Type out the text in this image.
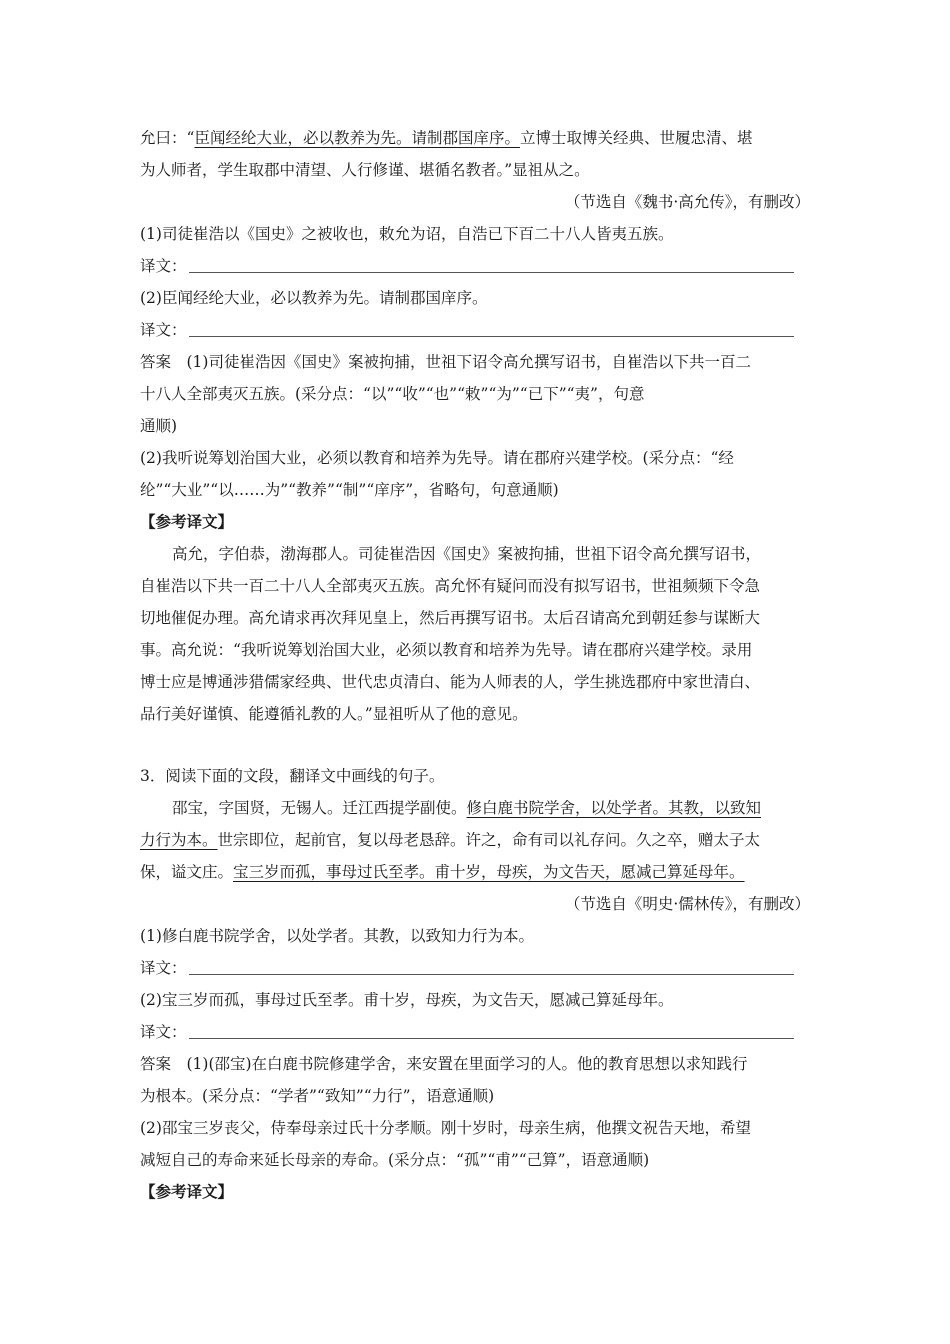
允曰：“臣闻经纶大业，必以教养为先。请制郡国庠序。立博士取博关经典、世履忠清、堪
为人师者，学生取郡中清望、人行修谨、堪循名教者。”显祖从之。
（节选自《魏书·高允传》，有删改）
(1)司徒崔浩以《国史》之被收也，敕允为诏，自浩已下百二十八人皆夷五族。
译文：
(2)臣闻经纶大业，必以教养为先。请制郡国庠序。
译文：
答案　(1)司徒崔浩因《国史》案被拘捕，世祖下诏令高允撰写诏书，自崔浩以下共一百二
十八人全部夷灭五族。(采分点：“以”“收”“也”“敕”“为”“已下”“夷”，句意
通顺)
(2)我听说筹划治国大业，必须以教育和培养为先导。请在郡府兴建学校。(采分点：“经
纶”“大业”“以……为”“教养”“制”“庠序”，省略句，句意通顺)
【参考译文】
高允，字伯恭，渤海郡人。司徒崔浩因《国史》案被拘捕，世祖下诏令高允撰写诏书，
自崔浩以下共一百二十八人全部夷灭五族。高允怀有疑问而没有拟写诏书，世祖频频下令急
切地催促办理。高允请求再次拜见皇上，然后再撰写诏书。太后召请高允到朝廷参与谋断大
事。高允说：“我听说筹划治国大业，必须以教育和培养为先导。请在郡府兴建学校。录用
博士应是博通涉猎儒家经典、世代忠贞清白、能为人师表的人，学生挑选郡府中家世清白、
品行美好谨慎、能遵循礼教的人。”显祖听从了他的意见。
3．阅读下面的文段，翻译文中画线的句子。
邵宝，字国贤，无锡人。迁江西提学副使。修白鹿书院学舍，以处学者。其教，以致知
力行为本。世宗即位，起前官，复以母老恳辞。许之，命有司以礼存问。久之卒，赠太子太
保，谥文庄。宝三岁而孤，事母过氏至孝。甫十岁，母疾，为文告天，愿减己算延母年。
（节选自《明史·儒林传》，有删改）
(1)修白鹿书院学舍，以处学者。其教，以致知力行为本。
译文：
(2)宝三岁而孤，事母过氏至孝。甫十岁，母疾，为文告天，愿减己算延母年。
译文：
答案　(1)(邵宝)在白鹿书院修建学舍，来安置在里面学习的人。他的教育思想以求知践行
为根本。(采分点：“学者”“致知”“力行”，语意通顺)
(2)邵宝三岁丧父，侍奉母亲过氏十分孝顺。刚十岁时，母亲生病，他撰文祝告天地，希望
减短自己的寿命来延长母亲的寿命。(采分点：“孤”“甫”“己算”，语意通顺)
【参考译文】
